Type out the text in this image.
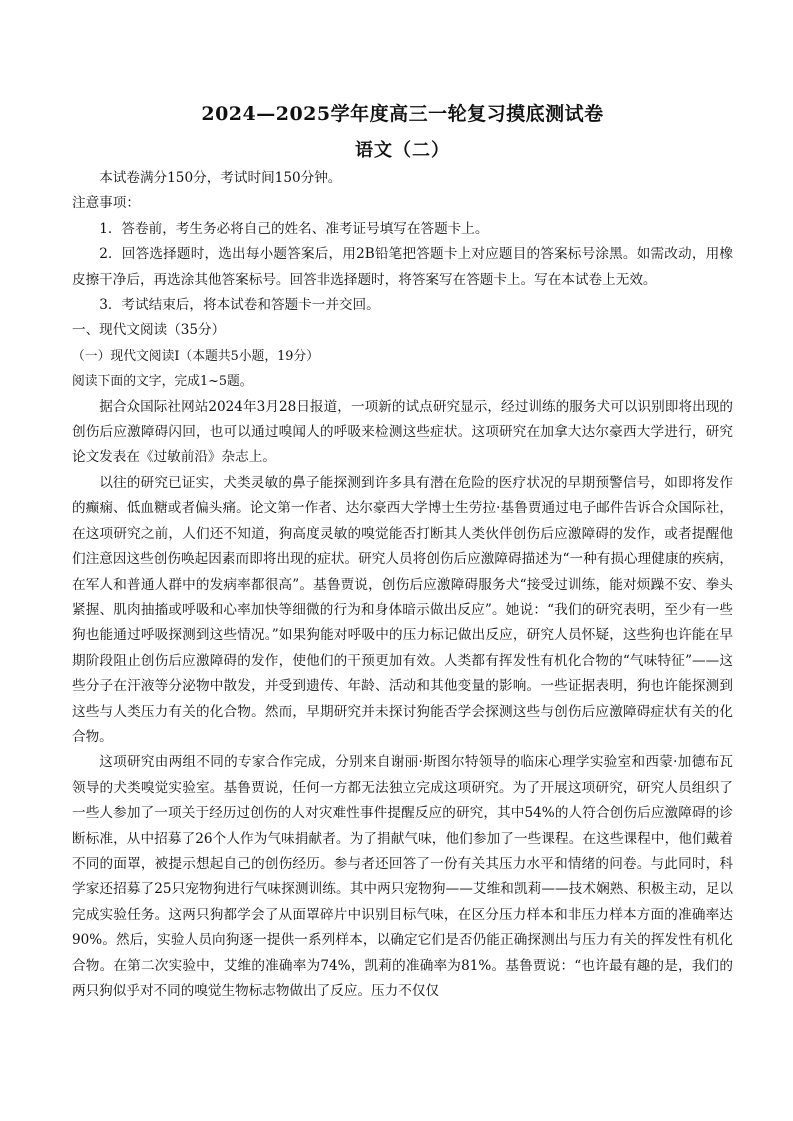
2024—2025学年度高三一轮复习摸底测试卷
语文（二）

本试卷满分150分，考试时间150分钟。

注意事项：

1．答卷前，考生务必将自己的姓名、准考证号填写在答题卡上。

2．回答选择题时，选出每小题答案后，用2B铅笔把答题卡上对应题目的答案标号涂黑。如需改动，用橡皮擦干净后，再选涂其他答案标号。回答非选择题时，将答案写在答题卡上。写在本试卷上无效。

3．考试结束后，将本试卷和答题卡一并交回。

一、现代文阅读（35分）

（一）现代文阅读Ⅰ（本题共5小题，19分）

阅读下面的文字，完成1~5题。

据合众国际社网站2024年3月28日报道，一项新的试点研究显示，经过训练的服务犬可以识别即将出现的创伤后应激障碍闪回，也可以通过嗅闻人的呼吸来检测这些症状。这项研究在加拿大达尔豪西大学进行，研究论文发表在《过敏前沿》杂志上。

以往的研究已证实，犬类灵敏的鼻子能探测到许多具有潜在危险的医疗状况的早期预警信号，如即将发作的癫痫、低血糖或者偏头痛。论文第一作者、达尔豪西大学博士生劳拉·基鲁贾通过电子邮件告诉合众国际社，在这项研究之前，人们还不知道，狗高度灵敏的嗅觉能否打断其人类伙伴创伤后应激障碍的发作，或者提醒他们注意因这些创伤唤起因素而即将出现的症状。研究人员将创伤后应激障碍描述为“一种有损心理健康的疾病，在军人和普通人群中的发病率都很高”。基鲁贾说，创伤后应激障碍服务犬“接受过训练，能对烦躁不安、拳头紧握、肌肉抽搐或呼吸和心率加快等细微的行为和身体暗示做出反应”。她说：“我们的研究表明，至少有一些狗也能通过呼吸探测到这些情况。”如果狗能对呼吸中的压力标记做出反应，研究人员怀疑，这些狗也许能在早期阶段阻止创伤后应激障碍的发作，使他们的干预更加有效。人类都有挥发性有机化合物的“气味特征”——这些分子在汗液等分泌物中散发，并受到遗传、年龄、活动和其他变量的影响。一些证据表明，狗也许能探测到这些与人类压力有关的化合物。然而，早期研究并未探讨狗能否学会探测这些与创伤后应激障碍症状有关的化合物。

这项研究由两组不同的专家合作完成，分别来自谢丽·斯图尔特领导的临床心理学实验室和西蒙·加德布瓦领导的犬类嗅觉实验室。基鲁贾说，任何一方都无法独立完成这项研究。为了开展这项研究，研究人员组织了一些人参加了一项关于经历过创伤的人对灾难性事件提醒反应的研究，其中54%的人符合创伤后应激障碍的诊断标准，从中招募了26个人作为气味捐献者。为了捐献气味，他们参加了一些课程。在这些课程中，他们戴着不同的面罩，被提示想起自己的创伤经历。参与者还回答了一份有关其压力水平和情绪的问卷。与此同时，科学家还招募了25只宠物狗进行气味探测训练。其中两只宠物狗——艾维和凯莉——技术娴熟、积极主动，足以完成实验任务。这两只狗都学会了从面罩碎片中识别目标气味，在区分压力样本和非压力样本方面的准确率达90%。然后，实验人员向狗逐一提供一系列样本，以确定它们是否仍能正确探测出与压力有关的挥发性有机化合物。在第二次实验中，艾维的准确率为74%，凯莉的准确率为81%。基鲁贾说：“也许最有趣的是，我们的两只狗似乎对不同的嗅觉生物标志物做出了反应。压力不仅仅
